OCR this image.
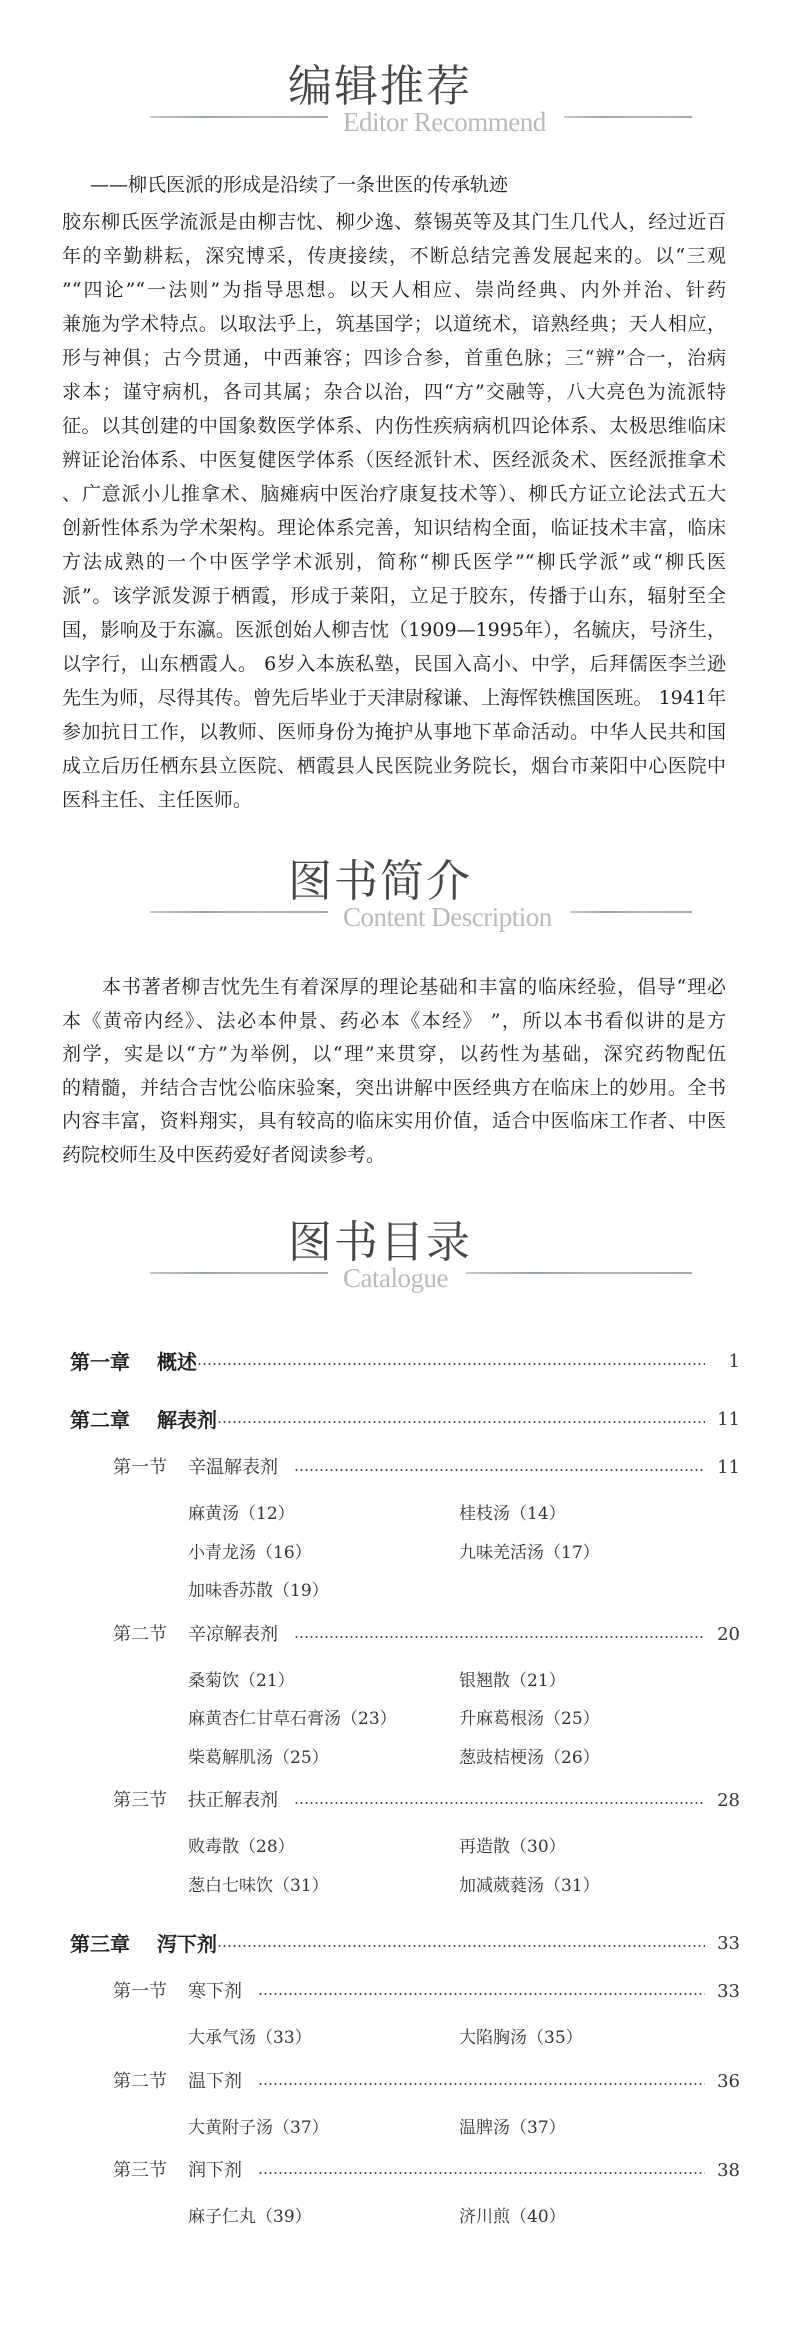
编辑推荐
Editor Recommend
——柳氏医派的形成是沿续了一条世医的传承轨迹
胶东柳氏医学流派是由柳吉忱、柳少逸、蔡锡英等及其门生几代人，经过近百
年的辛勤耕耘，深究博采，传庚接续，不断总结完善发展起来的。以“三观
”“四论”“一法则”为指导思想。以天人相应、崇尚经典、内外并治、针药
兼施为学术特点。以取法乎上，筑基国学；以道统术，谙熟经典；天人相应，
形与神俱；古今贯通，中西兼容；四诊合参，首重色脉；三“辨”合一，治病
求本；谨守病机，各司其属；杂合以治，四“方”交融等，八大亮色为流派特
征。以其创建的中国象数医学体系、内伤性疾病病机四论体系、太极思维临床
辨证论治体系、中医复健医学体系（医经派针术、医经派灸术、医经派推拿术
、广意派小儿推拿术、脑瘫病中医治疗康复技术等）、柳氏方证立论法式五大
创新性体系为学术架构。理论体系完善，知识结构全面，临证技术丰富，临床
方法成熟的一个中医学学术派别，简称“柳氏医学”“柳氏学派”或“柳氏医
派”。该学派发源于栖霞，形成于莱阳，立足于胶东，传播于山东，辐射至全
国，影响及于东瀛。医派创始人柳吉忱（1909—1995年），名毓庆，号济生，
以字行，山东栖霞人。 6岁入本族私塾，民国入高小、中学，后拜儒医李兰逊
先生为师，尽得其传。曾先后毕业于天津尉稼谦、上海恽铁樵国医班。 1941年
参加抗日工作，以教师、医师身份为掩护从事地下革命活动。中华人民共和国
成立后历任栖东县立医院、栖霞县人民医院业务院长，烟台市莱阳中心医院中
医科主任、主任医师。
图书简介
Content Description
本书著者柳吉忱先生有着深厚的理论基础和丰富的临床经验，倡导“理必
本《黄帝内经》、法必本仲景、药必本《本经》 ”，所以本书看似讲的是方
剂学，实是以“方”为举例，以“理”来贯穿，以药性为基础，深究药物配伍
的精髓，并结合吉忱公临床验案，突出讲解中医经典方在临床上的妙用。全书
内容丰富，资料翔实，具有较高的临床实用价值，适合中医临床工作者、中医
药院校师生及中医药爱好者阅读参考。
图书目录
Catalogue
第一章	概述	1
第二章	解表剂	11
第一节	辛温解表剂	11
麻黄汤（12）	桂枝汤（14）
小青龙汤（16）	九味羌活汤（17）
加味香苏散（19）
第二节	辛凉解表剂	20
桑菊饮（21）	银翘散（21）
麻黄杏仁甘草石膏汤（23）	升麻葛根汤（25）
柴葛解肌汤（25）	葱豉桔梗汤（26）
第三节	扶正解表剂	28
败毒散（28）	再造散（30）
葱白七味饮（31）	加减葳蕤汤（31）
第三章	泻下剂	33
第一节	寒下剂	33
大承气汤（33）	大陷胸汤（35）
第二节	温下剂	36
大黄附子汤（37）	温脾汤（37）
第三节	润下剂	38
麻子仁丸（39）	济川煎（40）
